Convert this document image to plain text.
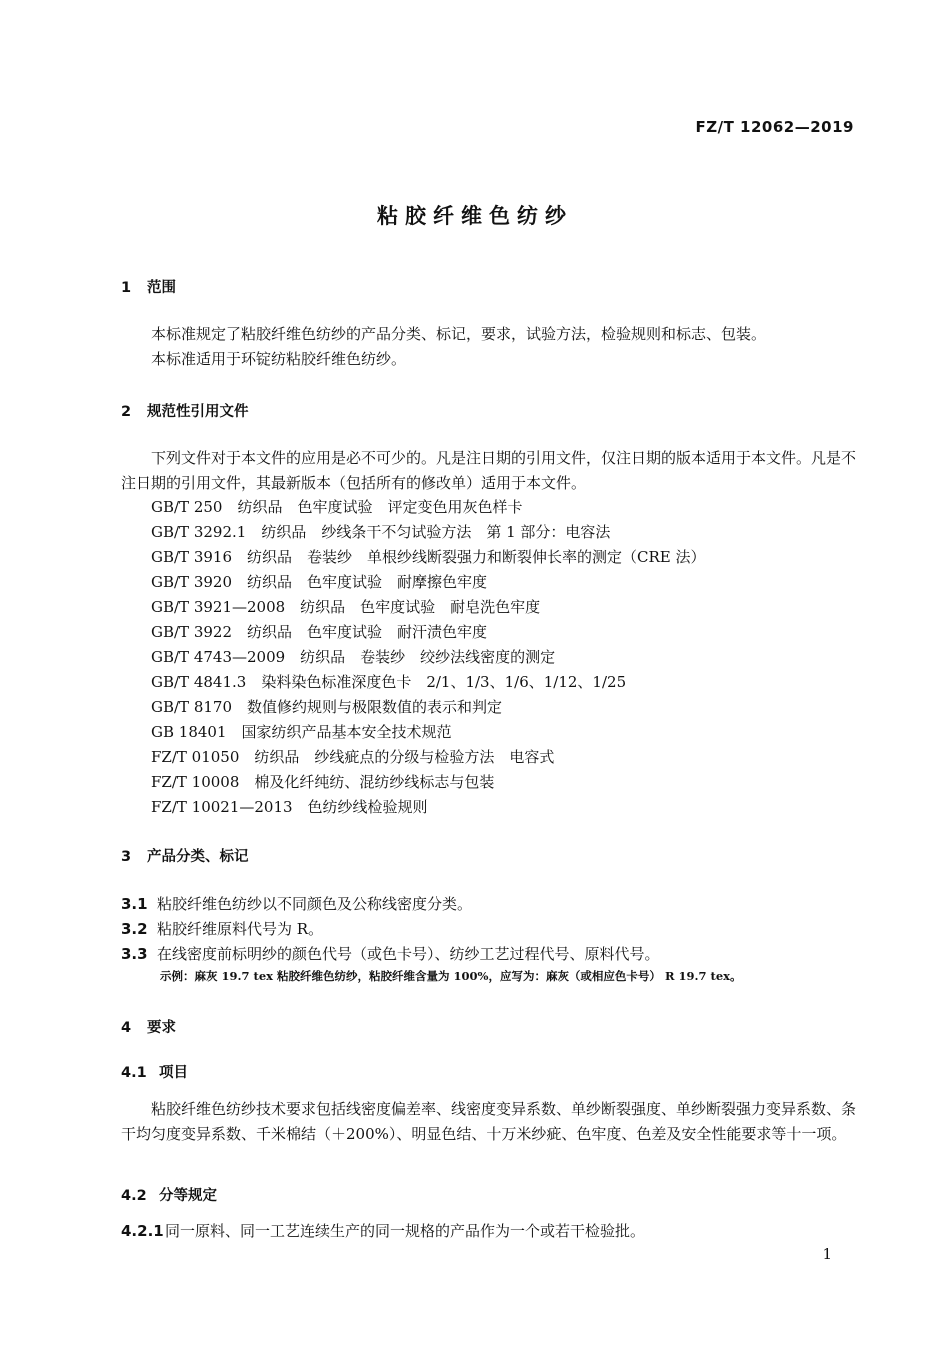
FZ/T 12062—2019
粘胶纤维色纺纱
1 范围
本标准规定了粘胶纤维色纺纱的产品分类、标记，要求，试验方法，检验规则和标志、包装。
本标准适用于环锭纺粘胶纤维色纺纱。
2 规范性引用文件
下列文件对于本文件的应用是必不可少的。凡是注日期的引用文件，仅注日期的版本适用于本文件。凡是不注日期的引用文件，其最新版本（包括所有的修改单）适用于本文件。
GB/T 250　纺织品　色牢度试验　评定变色用灰色样卡
GB/T 3292.1　纺织品　纱线条干不匀试验方法　第 1 部分：电容法
GB/T 3916　纺织品　卷装纱　单根纱线断裂强力和断裂伸长率的测定（CRE 法）
GB/T 3920　纺织品　色牢度试验　耐摩擦色牢度
GB/T 3921—2008　纺织品　色牢度试验　耐皂洗色牢度
GB/T 3922　纺织品　色牢度试验　耐汗渍色牢度
GB/T 4743—2009　纺织品　卷装纱　绞纱法线密度的测定
GB/T 4841.3　染料染色标准深度色卡　2/1、1/3、1/6、1/12、1/25
GB/T 8170　数值修约规则与极限数值的表示和判定
GB 18401　国家纺织产品基本安全技术规范
FZ/T 01050　纺织品　纱线疵点的分级与检验方法　电容式
FZ/T 10008　棉及化纤纯纺、混纺纱线标志与包装
FZ/T 10021—2013　色纺纱线检验规则
3 产品分类、标记
3.1 粘胶纤维色纺纱以不同颜色及公称线密度分类。
3.2 粘胶纤维原料代号为 R。
3.3 在线密度前标明纱的颜色代号（或色卡号）、纺纱工艺过程代号、原料代号。
示例：麻灰 19.7 tex 粘胶纤维色纺纱，粘胶纤维含量为 100%，应写为：麻灰（或相应色卡号） R 19.7 tex。
4 要求
4.1 项目
粘胶纤维色纺纱技术要求包括线密度偏差率、线密度变异系数、单纱断裂强度、单纱断裂强力变异系数、条干均匀度变异系数、千米棉结（＋200%）、明显色结、十万米纱疵、色牢度、色差及安全性能要求等十一项。
4.2 分等规定
4.2.1同一原料、同一工艺连续生产的同一规格的产品作为一个或若干检验批。
1
